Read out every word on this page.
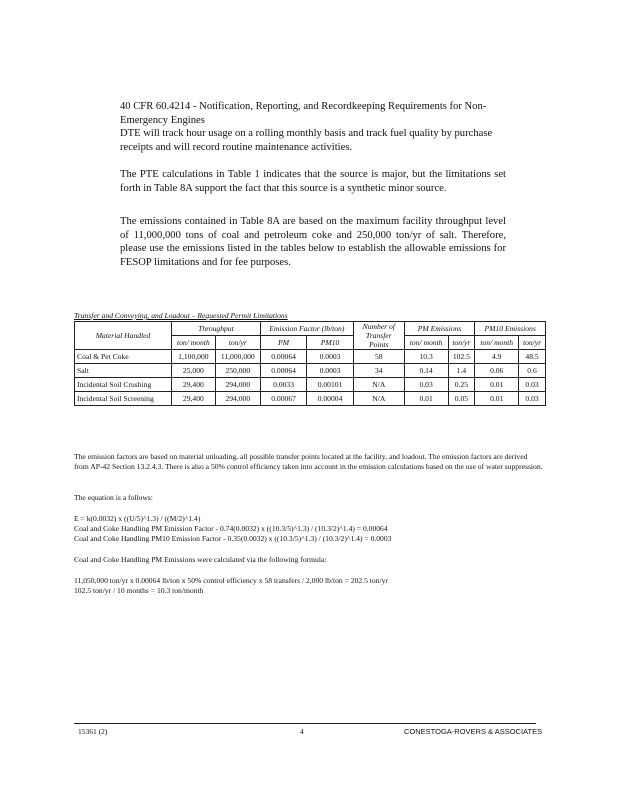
40 CFR 60.4214 - Notification, Reporting, and Recordkeeping Requirements for Non-Emergency Engines
DTE will track hour usage on a rolling monthly basis and track fuel quality by purchase receipts and will record routine maintenance activities.
The PTE calculations in Table 1 indicates that the source is major, but the limitations set forth in Table 8A support the fact that this source is a synthetic minor source.
The emissions contained in Table 8A are based on the maximum facility throughput level of 11,000,000 tons of coal and petroleum coke and 250,000 ton/yr of salt. Therefore, please use the emissions listed in the tables below to establish the allowable emissions for FESOP limitations and for fee purposes.
Transfer and Conveying, and Loadout – Requested Permit Limitations
Material Handled	Throughput		Emission Factor (lb/ton)		Number of Transfer Points	PM Emissions		PM10 Emissions	
	ton/ month	ton/yr	PM	PM10		ton/ month	ton/yr	ton/ month	ton/yr
Coal & Pet Coke	1,100,000	11,000,000	0.00064	0.0003	58	10.3	102.5	4.9	48.5
Salt	25,000	250,000	0.00064	0.0003	34	0.14	1.4	0.06	0.6
Incidental Soil Crushing	29,400	294,000	0.0033	0.00101	N/A	0.03	0.25	0.01	0.03
Incidental Soil Screening	29,400	294,000	0.00067	0.00004	N/A	0.01	0.05	0.01	0.03
The emission factors are based on material unloading, all possible transfer points located at the facility, and loadout. The emission factors are derived from AP-42 Section 13.2.4.3. There is also a 50% control efficiency taken into account in the emission calculations based on the use of water suppression.
The equation is a follows:
E = k(0.0032) x ((U/5)^1.3) / ((M/2)^1.4)
Coal and Coke Handling PM Emission Factor - 0.74(0.0032) x ((10.3/5)^1.3) / (10.3/2)^1.4) = 0.00064
Coal and Coke Handling PM10 Emission Factor - 0.35(0.0032) x ((10.3/5)^1.3) / (10.3/2)^1.4) = 0.0003
Coal and Coke Handling PM Emissions were calculated via the following formula:
11,050,000 ton/yr x 0.00064 lb/ton x 50% control efficiency x 58 transfers / 2,000 lb/ton = 202.5 ton/yr
102.5 ton/yr / 10 months = 10.3 ton/month
15361 (2)	4	CONESTOGA-ROVERS & ASSOCIATES
